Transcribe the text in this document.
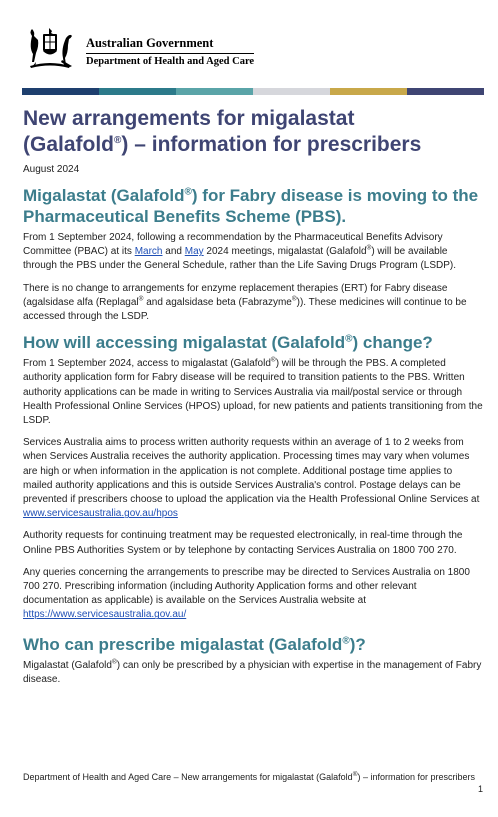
Australian Government
Department of Health and Aged Care
New arrangements for migalastat
(Galafold®) – information for prescribers
August 2024
Migalastat (Galafold®) for Fabry disease is moving to the Pharmaceutical Benefits Scheme (PBS).

From 1 September 2024, following a recommendation by the Pharmaceutical Benefits Advisory Committee (PBAC) at its March and May 2024 meetings, migalastat (Galafold®) will be available through the PBS under the General Schedule, rather than the Life Saving Drugs Program (LSDP).

There is no change to arrangements for enzyme replacement therapies (ERT) for Fabry disease (agalsidase alfa (Replagal® and agalsidase beta (Fabrazyme®)). These medicines will continue to be accessed through the LSDP.

How will accessing migalastat (Galafold®) change?

From 1 September 2024, access to migalastat (Galafold®) will be through the PBS. A completed authority application form for Fabry disease will be required to transition patients to the PBS. Written authority applications can be made in writing to Services Australia via mail/postal service or through Health Professional Online Services (HPOS) upload, for new patients and patients transitioning from the LSDP.

Services Australia aims to process written authority requests within an average of 1 to 2 weeks from when Services Australia receives the authority application. Processing times may vary when volumes are high or when information in the application is not complete. Additional postage time applies to mailed authority applications and this is outside Services Australia's control. Postage delays can be prevented if prescribers choose to upload the application via the Health Professional Online Services at
www.servicesaustralia.gov.au/hpos

Authority requests for continuing treatment may be requested electronically, in real-time through the Online PBS Authorities System or by telephone by contacting Services Australia on 1800 700 270.

Any queries concerning the arrangements to prescribe may be directed to Services Australia on 1800 700 270. Prescribing information (including Authority Application forms and other relevant documentation as applicable) is available on the Services Australia website at
https://www.servicesaustralia.gov.au/

Who can prescribe migalastat (Galafold®)?

Migalastat (Galafold®) can only be prescribed by a physician with expertise in the management of Fabry disease.

Department of Health and Aged Care – New arrangements for migalastat (Galafold®) – information for prescribers
1
